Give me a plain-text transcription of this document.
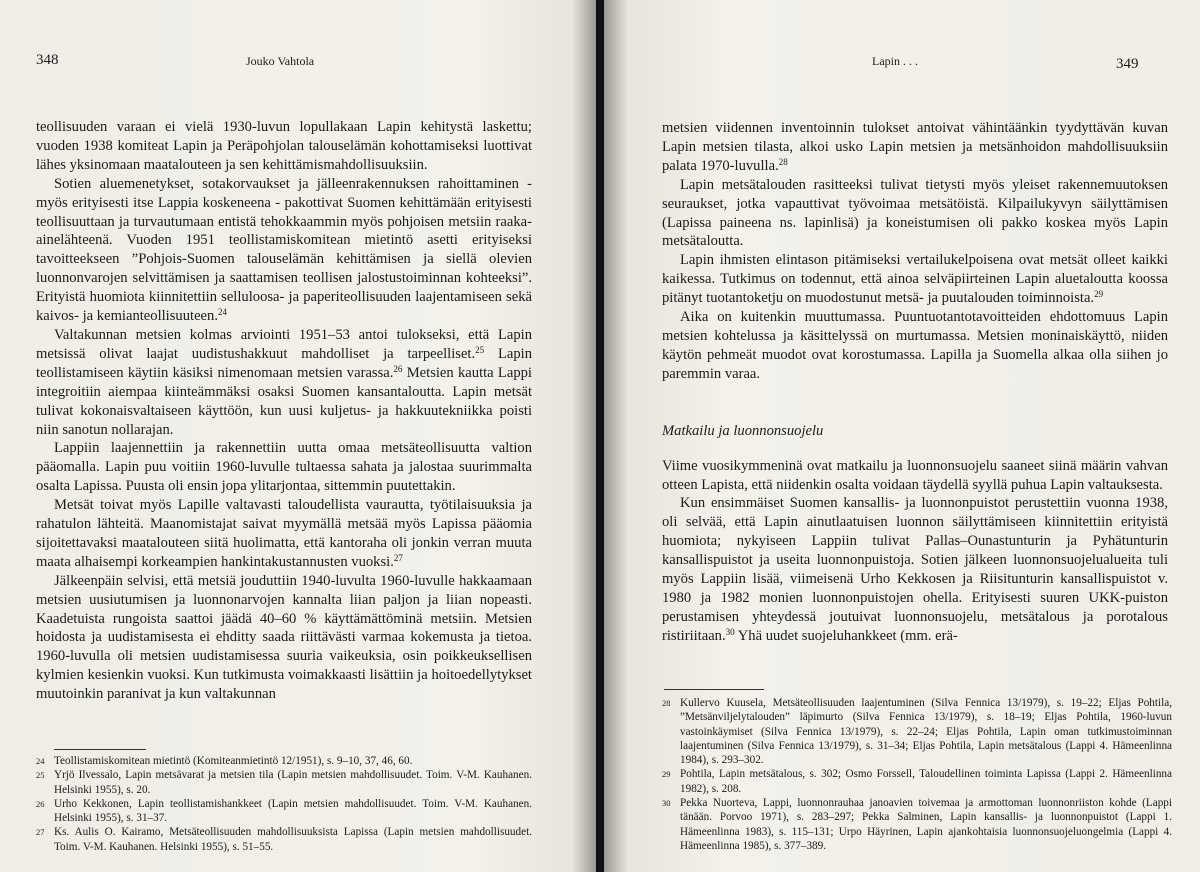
348	Jouko Vahtola

teollisuuden varaan ei vielä 1930-luvun lopullakaan Lapin kehitystä laskettu; vuoden 1938 komiteat Lapin ja Peräpohjolan talouselämän kohottamiseksi luottivat lähes yksinomaan maatalouteen ja sen kehittämismahdollisuuksiin.

Sotien aluemenetykset, sotakorvaukset ja jälleenrakennuksen rahoittaminen - myös erityisesti itse Lappia koskeneena - pakottivat Suomen kehittämään erityisesti teollisuuttaan ja turvautumaan entistä tehokkaammin myös pohjoisen metsiin raaka-ainelähteenä. Vuoden 1951 teollistamiskomitean mietintö asetti erityiseksi tavoitteekseen ”Pohjois-Suomen talouselämän kehittämisen ja siellä olevien luonnonvarojen selvittämisen ja saattamisen teollisen jalostustoiminnan kohteeksi”. Erityistä huomiota kiinnitettiin selluloosa- ja paperiteollisuuden laajentamiseen sekä kaivos- ja kemianteollisuuteen.$^{24}$

Valtakunnan metsien kolmas arviointi 1951–53 antoi tulokseksi, että Lapin metsissä olivat laajat uudistushakkuut mahdolliset ja tarpeelliset.$^{25}$ Lapin teollistamiseen käytiin käsiksi nimenomaan metsien varassa.$^{26}$ Metsien kautta Lappi integroitiin aiempaa kiinteämmäksi osaksi Suomen kansantaloutta. Lapin metsät tulivat kokonaisvaltaiseen käyttöön, kun uusi kuljetus- ja hakkuutekniikka poisti niin sanotun nollarajan.

Lappiin laajennettiin ja rakennettiin uutta omaa metsäteollisuutta valtion pääomalla. Lapin puu voitiin 1960-luvulle tultaessa sahata ja jalostaa suurimmalta osalta Lapissa. Puusta oli ensin jopa ylitarjontaa, sittemmin puutettakin.

Metsät toivat myös Lapille valtavasti taloudellista vaurautta, työtilaisuuksia ja rahatulon lähteitä. Maanomistajat saivat myymällä metsää myös Lapissa pääomia sijoitettavaksi maatalouteen siitä huolimatta, että kantoraha oli jonkin verran muuta maata alhaisempi korkeampien hankintakustannusten vuoksi.$^{27}$

Jälkeenpäin selvisi, että metsiä jouduttiin 1940-luvulta 1960-luvulle hakkaamaan metsien uusiutumisen ja luonnonarvojen kannalta liian paljon ja liian nopeasti. Kaadetuista rungoista saattoi jäädä 40–60 % käyttämättöminä metsiin. Metsien hoidosta ja uudistamisesta ei ehditty saada riittävästi varmaa kokemusta ja tietoa. 1960-luvulla oli metsien uudistamisessa suuria vaikeuksia, osin poikkeuksellisen kylmien kesienkin vuoksi. Kun tutkimusta voimakkaasti lisättiin ja hoitoedellytykset muutoinkin paranivat ja kun valtakunnan

24 Teollistamiskomitean mietintö (Komiteanmietintö 12/1951), s. 9–10, 37, 46, 60.
25 Yrjö Ilvessalo, Lapin metsävarat ja metsien tila (Lapin metsien mahdollisuudet. Toim. V-M. Kauhanen. Helsinki 1955), s. 20.
26 Urho Kekkonen, Lapin teollistamishankkeet (Lapin metsien mahdollisuudet. Toim. V-M. Kauhanen. Helsinki 1955), s. 31–37.
27 Ks. Aulis O. Kairamo, Metsäteollisuuden mahdollisuuksista Lapissa (Lapin metsien mahdollisuudet. Toim. V-M. Kauhanen. Helsinki 1955), s. 51–55.
Lapin . . .	349

metsien viidennen inventoinnin tulokset antoivat vähintäänkin tyydyttävän kuvan Lapin metsien tilasta, alkoi usko Lapin metsien ja metsänhoidon mahdollisuuksiin palata 1970-luvulla.$^{28}$

Lapin metsätalouden rasitteeksi tulivat tietysti myös yleiset rakennemuutoksen seuraukset, jotka vapauttivat työvoimaa metsätöistä. Kilpailukyvyn säilyttämisen (Lapissa paineena ns. lapinlisä) ja koneistumisen oli pakko koskea myös Lapin metsätaloutta.

Lapin ihmisten elintason pitämiseksi vertailukelpoisena ovat metsät olleet kaikki kaikessa. Tutkimus on todennut, että ainoa selväpiirteinen Lapin aluetaloutta koossa pitänyt tuotantoketju on muodostunut metsä- ja puutalouden toiminnoista.$^{29}$

Aika on kuitenkin muuttumassa. Puuntuotantotavoitteiden ehdottomuus Lapin metsien kohtelussa ja käsittelyssä on murtumassa. Metsien moninaiskäyttö, niiden käytön pehmeät muodot ovat korostumassa. Lapilla ja Suomella alkaa olla siihen jo paremmin varaa.

Matkailu ja luonnonsuojelu

Viime vuosikymmeninä ovat matkailu ja luonnonsuojelu saaneet siinä määrin vahvan otteen Lapista, että niidenkin osalta voidaan täydellä syyllä puhua Lapin valtauksesta.

Kun ensimmäiset Suomen kansallis- ja luonnonpuistot perustettiin vuonna 1938, oli selvää, että Lapin ainutlaatuisen luonnon säilyttämiseen kiinnitettiin erityistä huomiota; nykyiseen Lappiin tulivat Pallas–Ounastunturin ja Pyhätunturin kansallispuistot ja useita luonnonpuistoja. Sotien jälkeen luonnonsuojelualueita tuli myös Lappiin lisää, viimeisenä Urho Kekkosen ja Riisitunturin kansallispuistot v. 1980 ja 1982 monien luonnonpuistojen ohella. Erityisesti suuren UKK-puiston perustamisen yhteydessä joutuivat luonnonsuojelu, metsätalous ja porotalous ristiriitaan.$^{30}$ Yhä uudet suojeluhankkeet (mm. erä-

28 Kullervo Kuusela, Metsäteollisuuden laajentuminen (Silva Fennica 13/1979), s. 19–22; Eljas Pohtila, ”Metsänviljelytalouden” läpimurto (Silva Fennica 13/1979), s. 18–19; Eljas Pohtila, 1960-luvun vastoinkäymiset (Silva Fennica 13/1979), s. 22–24; Eljas Pohtila, Lapin oman tutkimustoiminnan laajentuminen (Silva Fennica 13/1979), s. 31–34; Eljas Pohtila, Lapin metsätalous (Lappi 4. Hämeenlinna 1984), s. 293–302.
29 Pohtila, Lapin metsätalous, s. 302; Osmo Forssell, Taloudellinen toiminta Lapissa (Lappi 2. Hämeenlinna 1982), s. 208.
30 Pekka Nuorteva, Lappi, luonnonrauhaa janoavien toivemaa ja armottoman luonnonriiston kohde (Lappi tänään. Porvoo 1971), s. 283–297; Pekka Salminen, Lapin kansallis- ja luonnonpuistot (Lappi 1. Hämeenlinna 1983), s. 115–131; Urpo Häyrinen, Lapin ajankohtaisia luonnonsuojeluongelmia (Lappi 4. Hämeenlinna 1985), s. 377–389.
